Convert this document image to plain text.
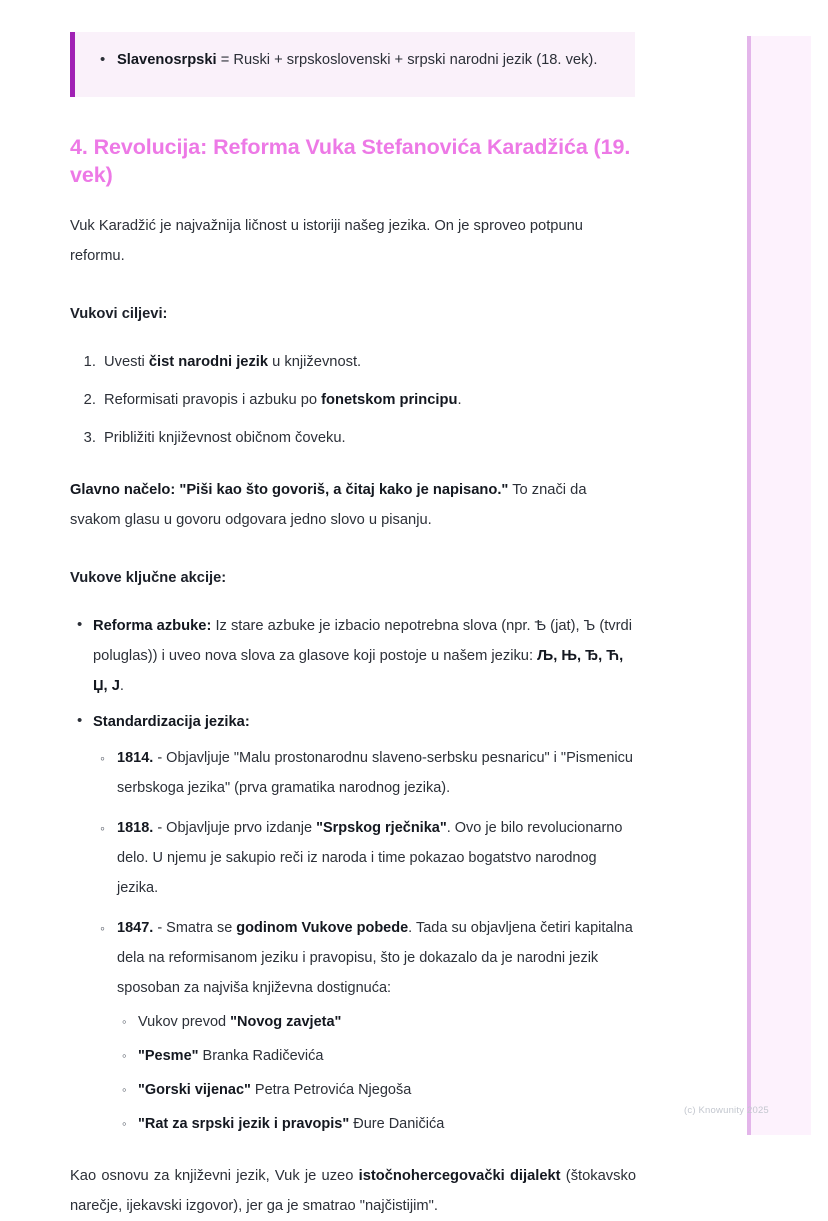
• Slavenosrpski = Ruski + srpskoslovenski + srpski narodni jezik (18. vek).
4. Revolucija: Reforma Vuka Stefanovića Karadžića (19. vek)

Vuk Karadžić je najvažnija ličnost u istoriji našeg jezika. On je sproveo potpunu reformu.

Vukovi ciljevi:

1. Uvesti čist narodni jezik u književnost.
2. Reformisati pravopis i azbuku po fonetskom principu.
3. Približiti književnost običnom čoveku.

Glavno načelo: "Piši kao što govoriš, a čitaj kako je napisano." To znači da svakom glasu u govoru odgovara jedno slovo u pisanju.

Vukove ključne akcije:

• Reforma azbuke: Iz stare azbuke je izbacio nepotrebna slova (npr. Ѣ (jat), Ъ (tvrdi poluglas)) i uveo nova slova za glasove koji postoje u našem jeziku: Љ, Њ, Ђ, Ћ, Џ, Ј.
• Standardizacija jezika:
◦ 1814. - Objavljuje "Malu prostonarodnu slaveno-serbsku pesnaricu" i "Pismenicu serbskoga jezika" (prva gramatika narodnog jezika).
◦ 1818. - Objavljuje prvo izdanje "Srpskog rječnika". Ovo je bilo revolucionarno delo. U njemu je sakupio reči iz naroda i time pokazao bogatstvo narodnog jezika.
◦ 1847. - Smatra se godinom Vukove pobede. Tada su objavljena četiri kapitalna dela na reformisanom jeziku i pravopisu, što je dokazalo da je narodni jezik sposoban za najviša književna dostignuća:
◦ Vukov prevod "Novog zavjeta"
◦ "Pesme" Branka Radičevića
◦ "Gorski vijenac" Petra Petrovića Njegoša
◦ "Rat za srpski jezik i pravopis" Đure Daničića

Kao osnovu za književni jezik, Vuk je uzeo istočnohercegovački dijalekt (štokavsko narečje, ijekavski izgovor), jer ga je smatrao "najčistijim".

(c) Knowunity 2025
